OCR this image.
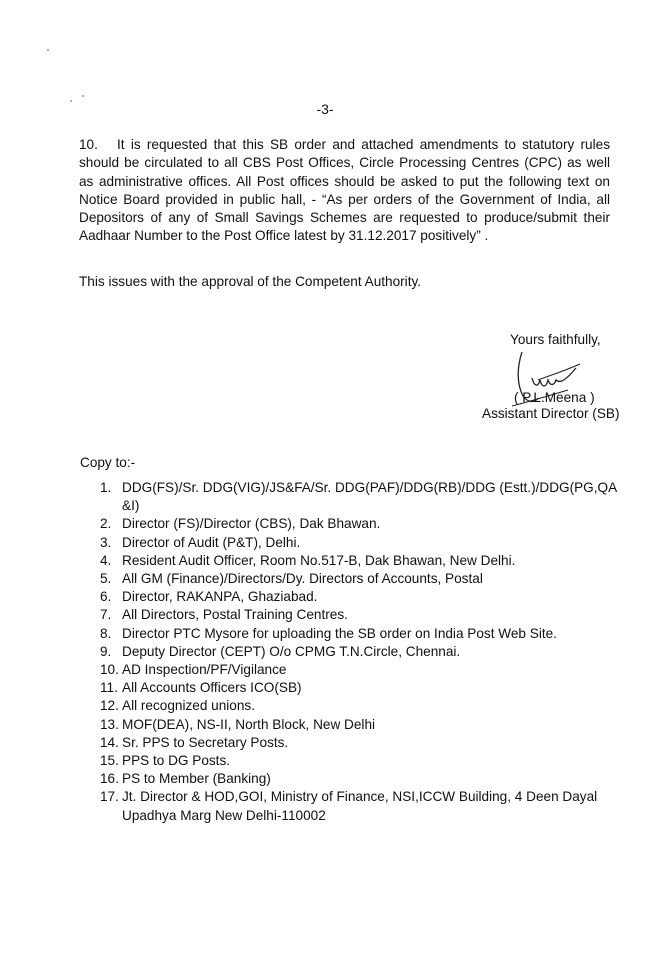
-3-
10. It is requested that this SB order and attached amendments to statutory rules should be circulated to all CBS Post Offices, Circle Processing Centres (CPC) as well as administrative offices. All Post offices should be asked to put the following text on Notice Board provided in public hall, - “As per orders of the Government of India, all Depositors of any of Small Savings Schemes are requested to produce/submit their Aadhaar Number to the Post Office latest by 31.12.2017 positively” .
This issues with the approval of the Competent Authority.
Yours faithfully,
( P.L.Meena )
Assistant Director (SB)
Copy to:-
1. DDG(FS)/Sr. DDG(VIG)/JS&FA/Sr. DDG(PAF)/DDG(RB)/DDG (Estt.)/DDG(PG,QA &I)
2. Director (FS)/Director (CBS), Dak Bhawan.
3. Director of Audit (P&T), Delhi.
4. Resident Audit Officer, Room No.517-B, Dak Bhawan, New Delhi.
5. All GM (Finance)/Directors/Dy. Directors of Accounts, Postal
6. Director, RAKANPA, Ghaziabad.
7. All Directors, Postal Training Centres.
8. Director PTC Mysore for uploading the SB order on India Post Web Site.
9. Deputy Director (CEPT) O/o CPMG T.N.Circle, Chennai.
10. AD Inspection/PF/Vigilance
11. All Accounts Officers ICO(SB)
12. All recognized unions.
13. MOF(DEA), NS-II, North Block, New Delhi
14. Sr. PPS to Secretary Posts.
15. PPS to DG Posts.
16. PS to Member (Banking)
17. Jt. Director & HOD,GOI, Ministry of Finance, NSI,ICCW Building, 4 Deen Dayal Upadhya Marg New Delhi-110002
